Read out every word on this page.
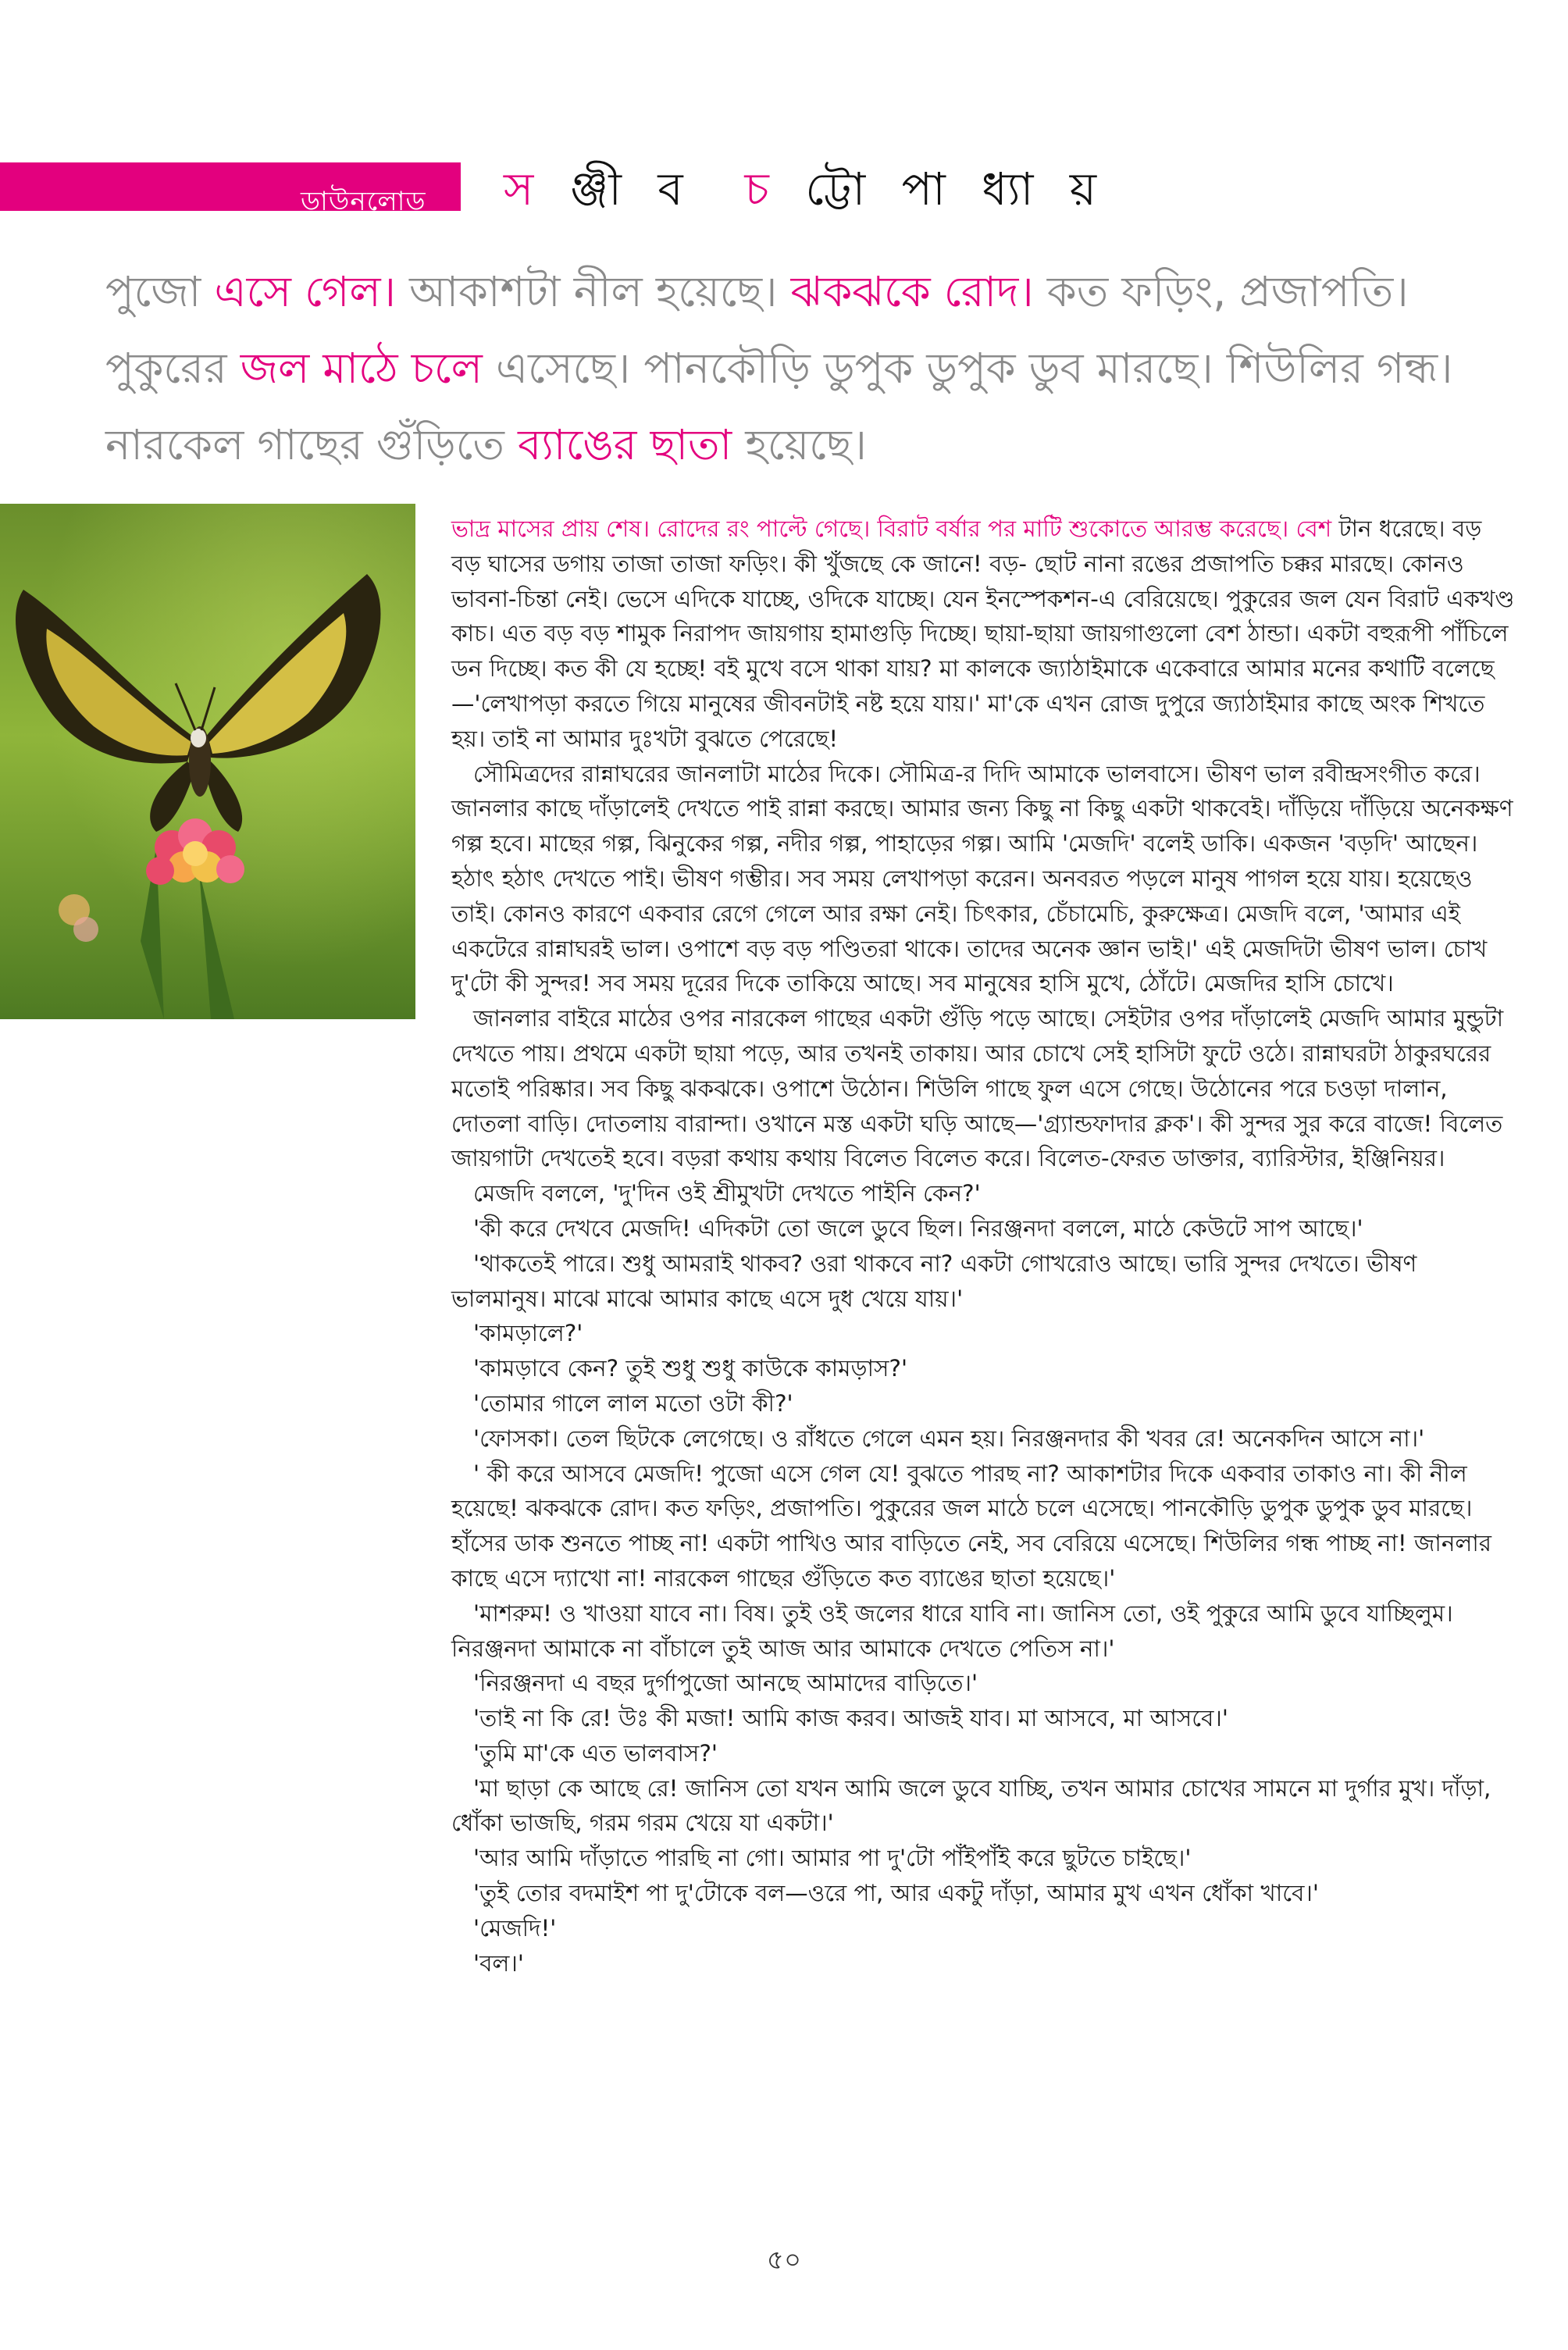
ডাউনলোড স ঞ্জী ব চ ট্টো পা ধ্যা য়
পুজো এসে গেল। আকাশটা নীল হয়েছে। ঝকঝকে রোদ। কত ফড়িং, প্রজাপতি। পুকুরের জল মাঠে চলে এসেছে। পানকৌড়ি ডুপুক ডুপুক ডুব মারছে। শিউলির গন্ধ। নারকেল গাছের গুঁড়িতে ব্যাঙের ছাতা হয়েছে।

ভাদ্র মাসের প্রায় শেষ। রোদের রং পাল্টে গেছে। বিরাট বর্ষার পর মাটি শুকোতে আরম্ভ করেছে। বেশ টান ধরেছে। বড় বড় ঘাসের ডগায় তাজা তাজা ফড়িং। কী খুঁজছে কে জানে! বড়- ছোট নানা রঙের প্রজাপতি চক্কর মারছে। কোনও ভাবনা-চিন্তা নেই। ভেসে এদিকে যাচ্ছে, ওদিকে যাচ্ছে। যেন ইনস্পেকশন-এ বেরিয়েছে। পুকুরের জল যেন বিরাট একখণ্ড কাচ। এত বড় বড় শামুক নিরাপদ জায়গায় হামাগুড়ি দিচ্ছে। ছায়া-ছায়া জায়গাগুলো বেশ ঠান্ডা। একটা বহুরূপী পাঁচিলে ডন দিচ্ছে। কত কী যে হচ্ছে! বই মুখে বসে থাকা যায়? মা কালকে জ্যাঠাইমাকে একেবারে আমার মনের কথাটি বলেছে—'লেখাপড়া করতে গিয়ে মানুষের জীবনটাই নষ্ট হয়ে যায়।' মা'কে এখন রোজ দুপুরে জ্যাঠাইমার কাছে অংক শিখতে হয়। তাই না আমার দুঃখটা বুঝতে পেরেছে!

সৌমিত্রদের রান্নাঘরের জানলাটা মাঠের দিকে। সৌমিত্র-র দিদি আমাকে ভালবাসে। ভীষণ ভাল রবীন্দ্রসংগীত করে। জানলার কাছে দাঁড়ালেই দেখতে পাই রান্না করছে। আমার জন্য কিছু না কিছু একটা থাকবেই। দাঁড়িয়ে দাঁড়িয়ে অনেকক্ষণ গল্প হবে। মাছের গল্প, ঝিনুকের গল্প, নদীর গল্প, পাহাড়ের গল্প। আমি 'মেজদি' বলেই ডাকি। একজন 'বড়দি' আছেন। হঠাৎ হঠাৎ দেখতে পাই। ভীষণ গম্ভীর। সব সময় লেখাপড়া করেন। অনবরত পড়লে মানুষ পাগল হয়ে যায়। হয়েছেও তাই। কোনও কারণে একবার রেগে গেলে আর রক্ষা নেই। চিৎকার, চেঁচামেচি, কুরুক্ষেত্র। মেজদি বলে, 'আমার এই একটেরে রান্নাঘরই ভাল। ওপাশে বড় বড় পণ্ডিতরা থাকে। তাদের অনেক জ্ঞান ভাই।' এই মেজদিটা ভীষণ ভাল। চোখ দু'টো কী সুন্দর! সব সময় দূরের দিকে তাকিয়ে আছে। সব মানুষের হাসি মুখে, ঠোঁটে। মেজদির হাসি চোখে।

জানলার বাইরে মাঠের ওপর নারকেল গাছের একটা গুঁড়ি পড়ে আছে। সেইটার ওপর দাঁড়ালেই মেজদি আমার মুন্ডুটা দেখতে পায়। প্রথমে একটা ছায়া পড়ে, আর তখনই তাকায়। আর চোখে সেই হাসিটা ফুটে ওঠে। রান্নাঘরটা ঠাকুরঘরের মতোই পরিষ্কার। সব কিছু ঝকঝকে। ওপাশে উঠোন। শিউলি গাছে ফুল এসে গেছে। উঠোনের পরে চওড়া দালান, দোতলা বাড়ি। দোতলায় বারান্দা। ওখানে মস্ত একটা ঘড়ি আছে—'গ্র্যান্ডফাদার ক্লক'। কী সুন্দর সুর করে বাজে! বিলেত জায়গাটা দেখতেই হবে। বড়রা কথায় কথায় বিলেত বিলেত করে। বিলেত-ফেরত ডাক্তার, ব্যারিস্টার, ইঞ্জিনিয়র।

মেজদি বললে, 'দু'দিন ওই শ্রীমুখটা দেখতে পাইনি কেন?'

'কী করে দেখবে মেজদি! এদিকটা তো জলে ডুবে ছিল। নিরঞ্জনদা বললে, মাঠে কেউটে সাপ আছে।'

'থাকতেই পারে। শুধু আমরাই থাকব? ওরা থাকবে না? একটা গোখরোও আছে। ভারি সুন্দর দেখতে। ভীষণ ভালমানুষ। মাঝে মাঝে আমার কাছে এসে দুধ খেয়ে যায়।'

'কামড়ালে?'

'কামড়াবে কেন? তুই শুধু শুধু কাউকে কামড়াস?'

'তোমার গালে লাল মতো ওটা কী?'

'ফোসকা। তেল ছিটকে লেগেছে। ও রাঁধতে গেলে এমন হয়। নিরঞ্জনদার কী খবর রে! অনেকদিন আসে না।'

' কী করে আসবে মেজদি! পুজো এসে গেল যে! বুঝতে পারছ না? আকাশটার দিকে একবার তাকাও না। কী নীল হয়েছে! ঝকঝকে রোদ। কত ফড়িং, প্রজাপতি। পুকুরের জল মাঠে চলে এসেছে। পানকৌড়ি ডুপুক ডুপুক ডুব মারছে। হাঁসের ডাক শুনতে পাচ্ছ না! একটা পাখিও আর বাড়িতে নেই, সব বেরিয়ে এসেছে। শিউলির গন্ধ পাচ্ছ না! জানলার কাছে এসে দ্যাখো না! নারকেল গাছের গুঁড়িতে কত ব্যাঙের ছাতা হয়েছে।'

'মাশরুম! ও খাওয়া যাবে না। বিষ। তুই ওই জলের ধারে যাবি না। জানিস তো, ওই পুকুরে আমি ডুবে যাচ্ছিলুম। নিরঞ্জনদা আমাকে না বাঁচালে তুই আজ আর আমাকে দেখতে পেতিস না।'

'নিরঞ্জনদা এ বছর দুর্গাপুজো আনছে আমাদের বাড়িতে।'

'তাই না কি রে! উঃ কী মজা! আমি কাজ করব। আজই যাব। মা আসবে, মা আসবে।'

'তুমি মা'কে এত ভালবাস?'

'মা ছাড়া কে আছে রে! জানিস তো যখন আমি জলে ডুবে যাচ্ছি, তখন আমার চোখের সামনে মা দুর্গার মুখ। দাঁড়া, ধোঁকা ভাজছি, গরম গরম খেয়ে যা একটা।'

'আর আমি দাঁড়াতে পারছি না গো। আমার পা দু'টো পাঁইপাঁই করে ছুটতে চাইছে।'

'তুই তোর বদমাইশ পা দু'টোকে বল—ওরে পা, আর একটু দাঁড়া, আমার মুখ এখন ধোঁকা খাবে।'

'মেজদি!'

'বল।'

৫০
